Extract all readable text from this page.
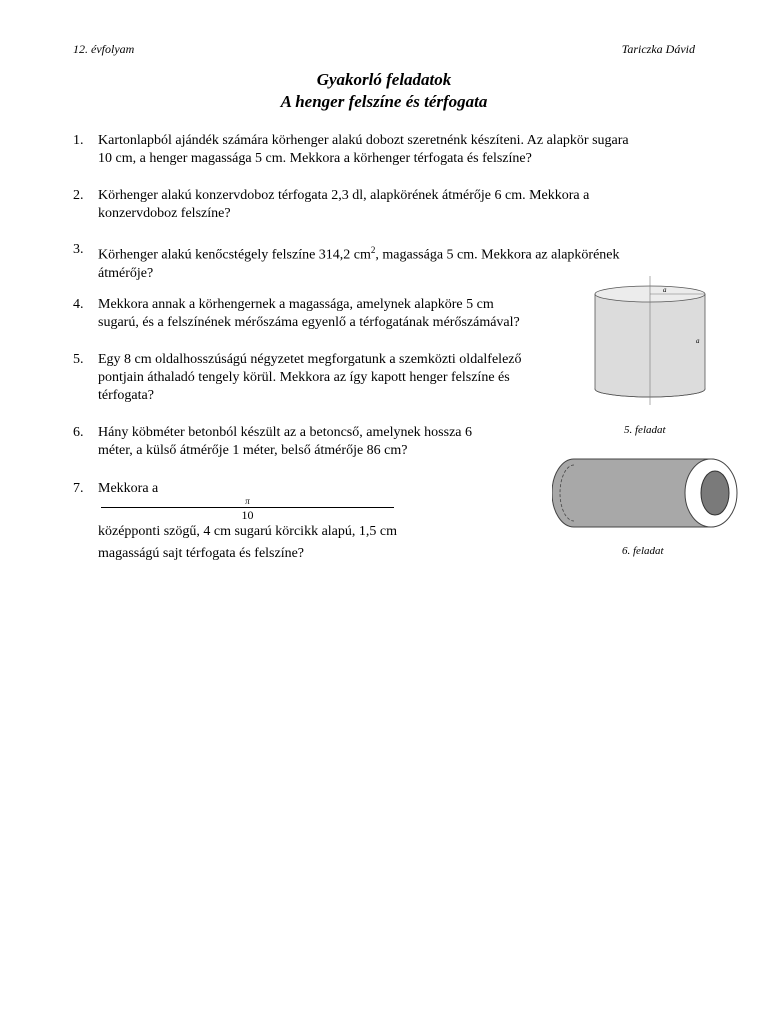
12. évfolyam	Tariczka Dávid
Gyakorló feladatok
A henger felszíne és térfogata
1.	Kartonlapból ajándék számára körhenger alakú dobozt szeretnénk készíteni. Az alapkör sugara
10 cm, a henger magassága 5 cm. Mekkora a körhenger térfogata és felszíne?
2.	Körhenger alakú konzervdoboz térfogata 2,3 dl, alapkörének átmérője 6 cm. Mekkora a
konzervdoboz felszíne?
3.	Körhenger alakú kenőcstégely felszíne 314,2 $cm^2$, magassága 5 cm. Mekkora az alapkörének
átmérője?
4.	Mekkora annak a körhengernek a magassága, amelynek alapköre 5 cm
sugarú, és a felszínének mérőszáma egyenlő a térfogatának mérőszámával?
5.	Egy 8 cm oldalhosszúságú négyzetet megforgatunk a szemközti oldalfelező
pontjain áthaladó tengely körül. Mekkora az így kapott henger felszíne és
térfogata?
6.	Hány köbméter betonból készült az a betoncső, amelynek hossza 6
méter, a külső átmérője 1 méter, belső átmérője 86 cm?
7.	Mekkora a
π
10
középponti szögű, 4 cm sugarú körcikk alapú, 1,5 cm
magasságú sajt térfogata és felszíne?
a
a
5. feladat
6. feladat
